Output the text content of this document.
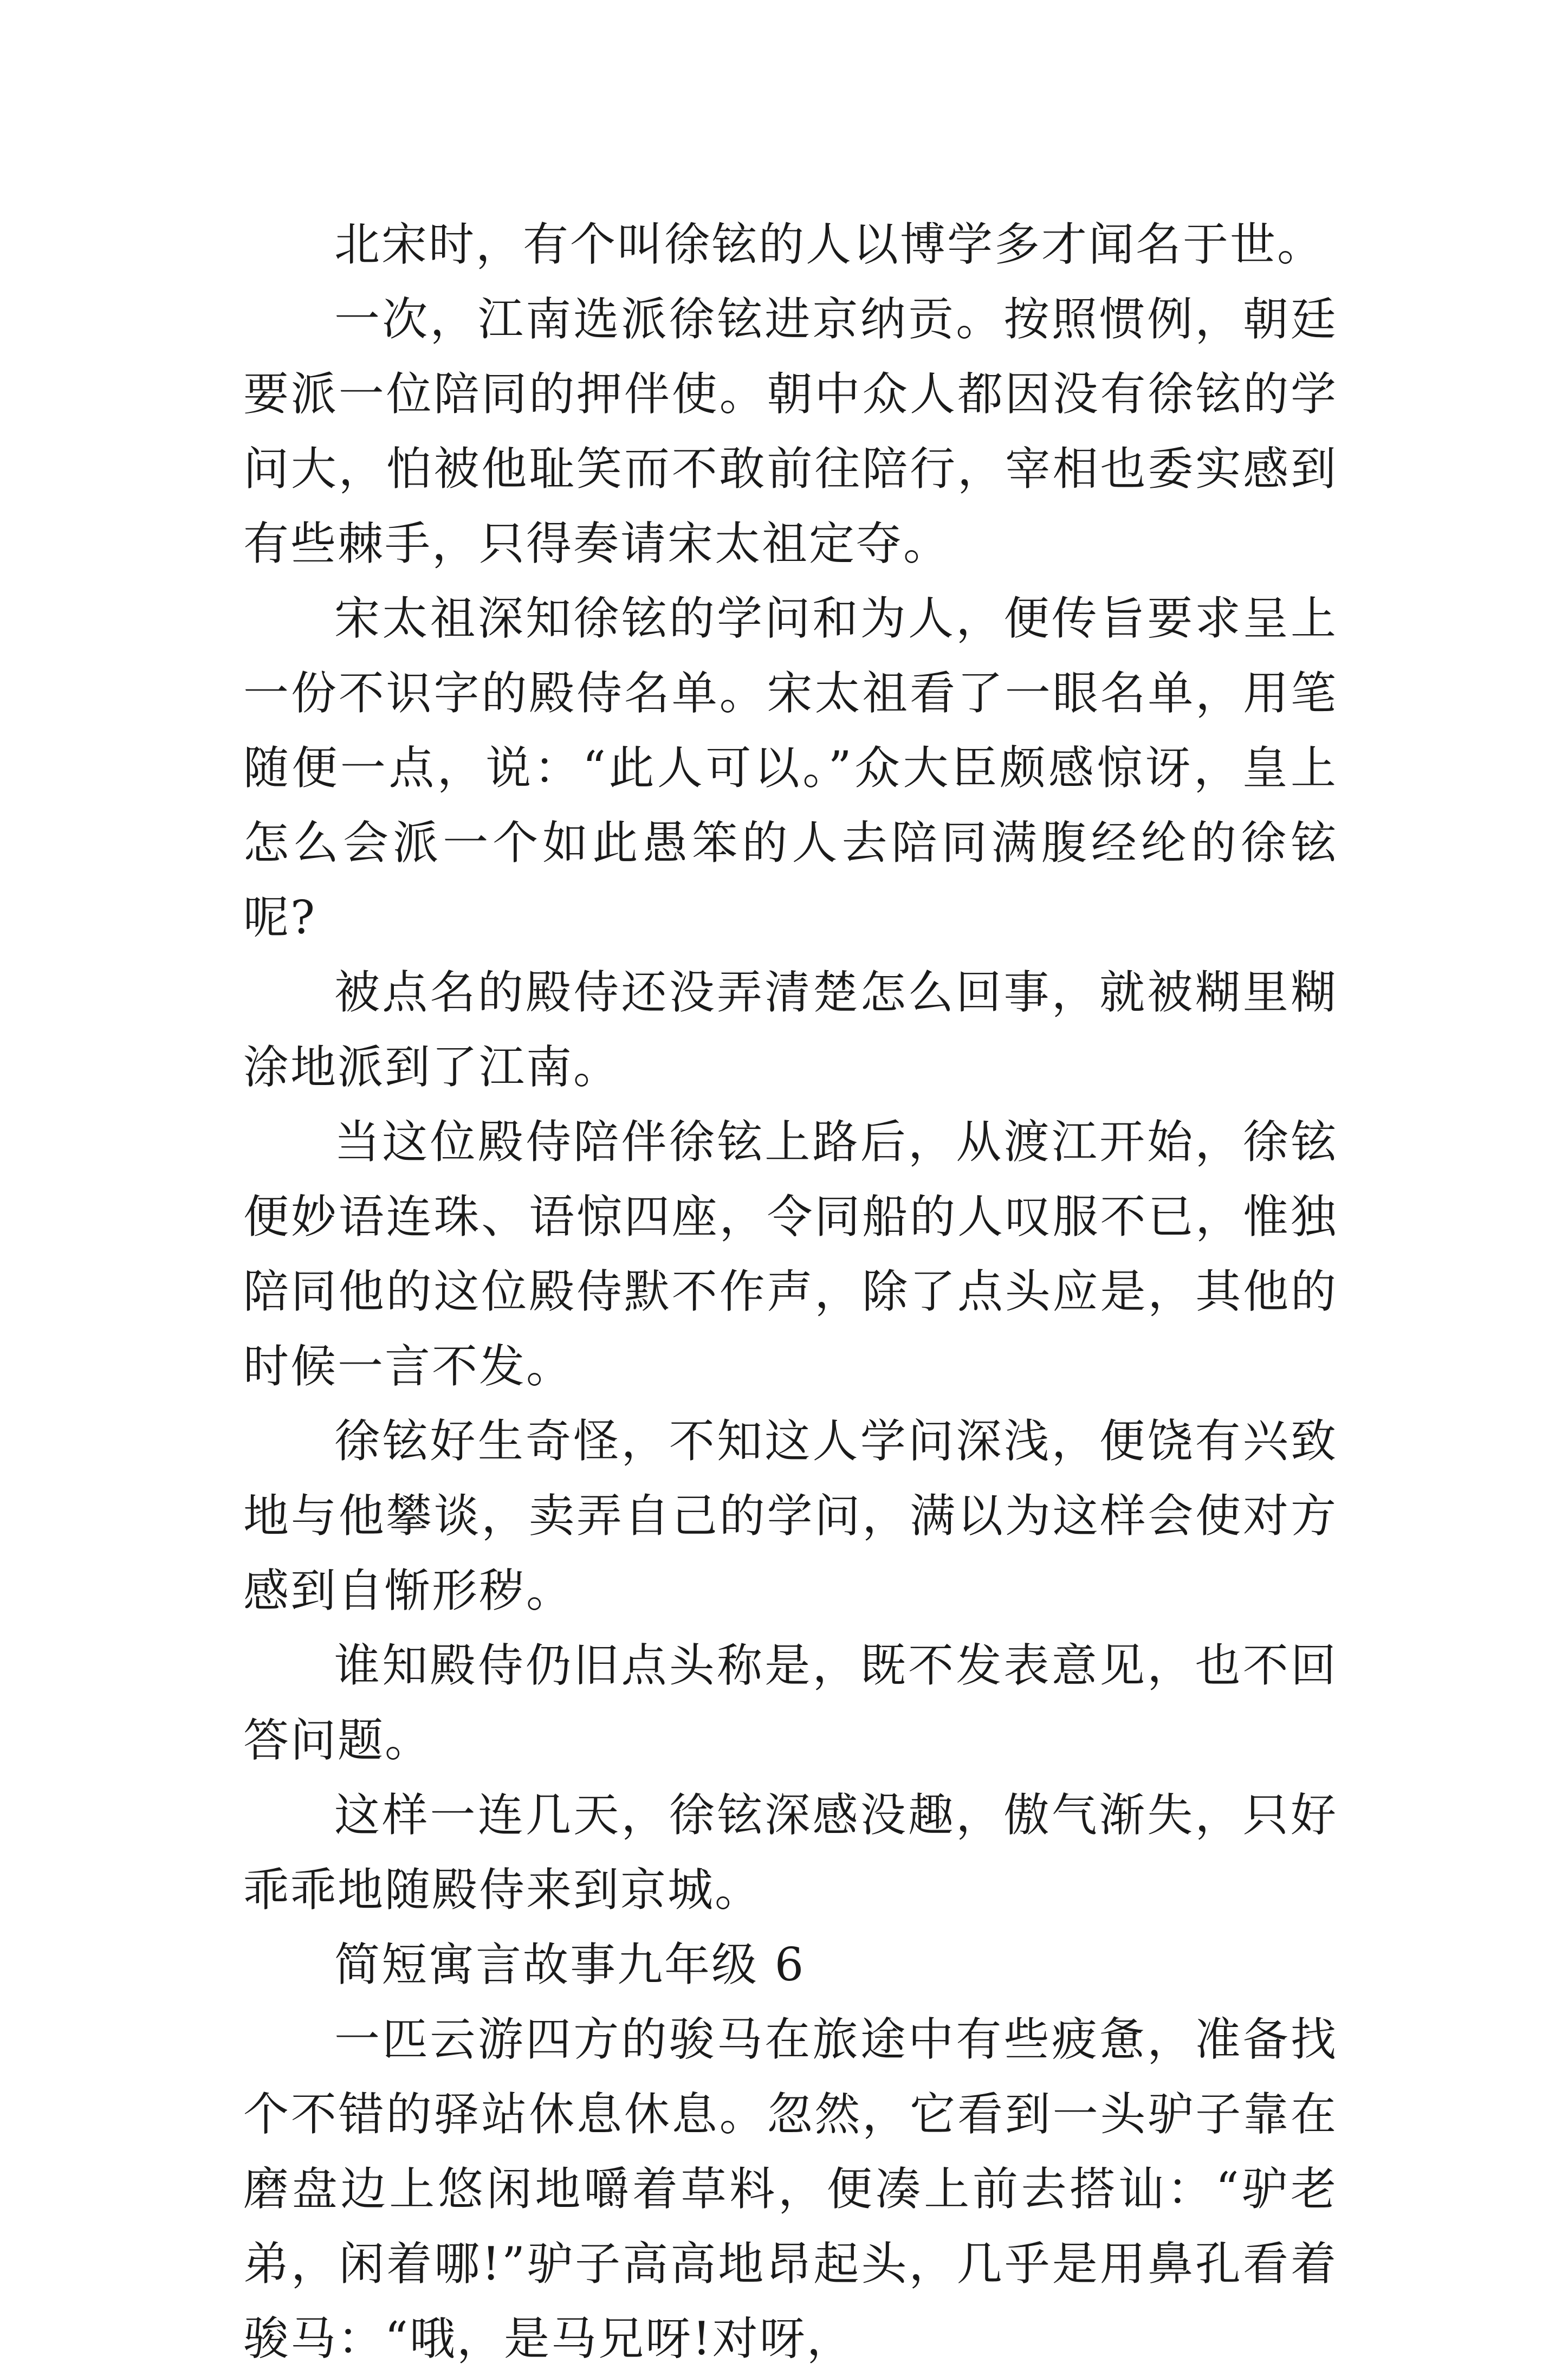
北宋时，有个叫徐铉的人以博学多才闻名于世。

一次，江南选派徐铉进京纳贡。按照惯例，朝廷要派一位陪同的押伴使。朝中众人都因没有徐铉的学问大，怕被他耻笑而不敢前往陪行，宰相也委实感到有些棘手，只得奏请宋太祖定夺。

宋太祖深知徐铉的学问和为人，便传旨要求呈上一份不识字的殿侍名单。宋太祖看了一眼名单，用笔随便一点，说：“此人可以。”众大臣颇感惊讶，皇上怎么会派一个如此愚笨的人去陪同满腹经纶的徐铉呢?

被点名的殿侍还没弄清楚怎么回事，就被糊里糊涂地派到了江南。

当这位殿侍陪伴徐铉上路后，从渡江开始，徐铉便妙语连珠、语惊四座，令同船的人叹服不已，惟独陪同他的这位殿侍默不作声，除了点头应是，其他的时候一言不发。

徐铉好生奇怪，不知这人学问深浅，便饶有兴致地与他攀谈，卖弄自己的学问，满以为这样会使对方感到自惭形秽。

谁知殿侍仍旧点头称是，既不发表意见，也不回答问题。

这样一连几天，徐铉深感没趣，傲气渐失，只好乖乖地随殿侍来到京城。

简短寓言故事九年级 6

一匹云游四方的骏马在旅途中有些疲惫，准备找个不错的驿站休息休息。忽然，它看到一头驴子靠在磨盘边上悠闲地嚼着草料，便凑上前去搭讪：“驴老弟，闲着哪!”驴子高高地昂起头，几乎是用鼻孔看着骏马：“哦，是马兄呀!对呀，
